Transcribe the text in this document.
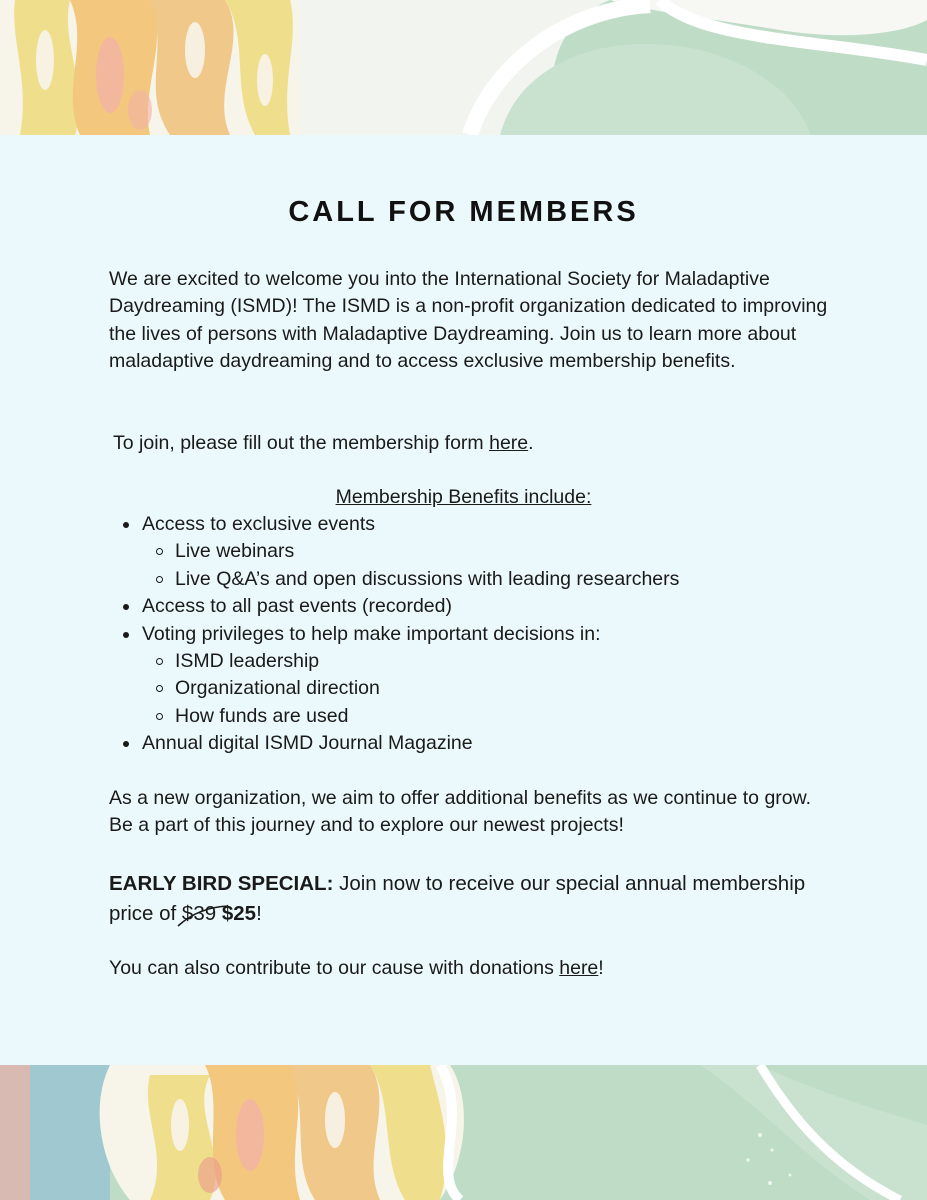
CALL FOR MEMBERS

We are excited to welcome you into the International Society for Maladaptive Daydreaming (ISMD)! The ISMD is a non-profit organization dedicated to improving the lives of persons with Maladaptive Daydreaming. Join us to learn more about maladaptive daydreaming and to access exclusive membership benefits.

To join, please fill out the membership form here.

Membership Benefits include:
Access to exclusive events
Live webinars
Live Q&A’s and open discussions with leading researchers
Access to all past events (recorded)
Voting privileges to help make important decisions in:
ISMD leadership
Organizational direction
How funds are used
Annual digital ISMD Journal Magazine

As a new organization, we aim to offer additional benefits as we continue to grow. Be a part of this journey and to explore our newest projects!

EARLY BIRD SPECIAL: Join now to receive our special annual membership price of $39 $25!

You can also contribute to our cause with donations here!
